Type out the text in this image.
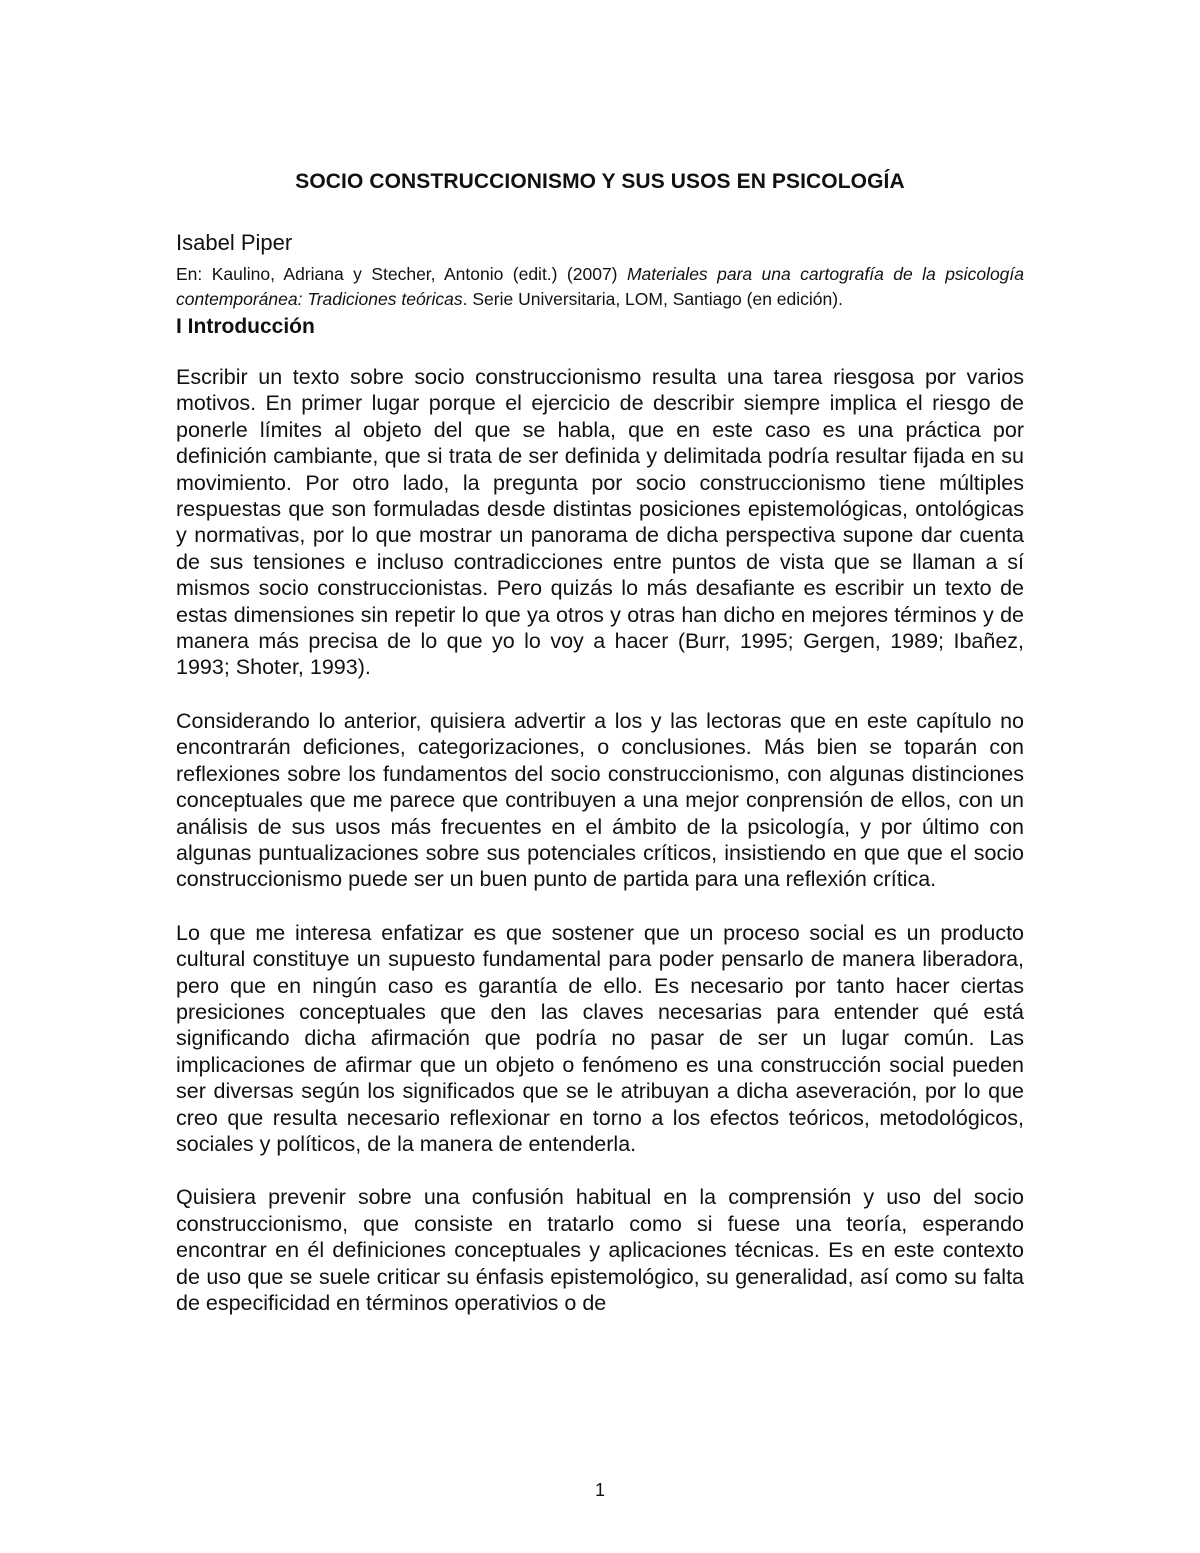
SOCIO CONSTRUCCIONISMO Y SUS USOS EN PSICOLOGÍA

Isabel Piper

En: Kaulino, Adriana y Stecher, Antonio (edit.) (2007) Materiales para una cartografía de la psicología contemporánea: Tradiciones teóricas. Serie Universitaria, LOM, Santiago (en edición).

I Introducción

Escribir un texto sobre socio construccionismo resulta una tarea riesgosa por varios motivos. En primer lugar porque el ejercicio de describir siempre implica el riesgo de ponerle límites al objeto del que se habla, que en este caso es una práctica por definición cambiante, que si trata de ser definida y delimitada podría resultar fijada en su movimiento. Por otro lado, la pregunta por socio construccionismo tiene múltiples respuestas que son formuladas desde distintas posiciones epistemológicas, ontológicas y normativas, por lo que mostrar un panorama de dicha perspectiva supone dar cuenta de sus tensiones e incluso contradicciones entre puntos de vista que se llaman a sí mismos socio construccionistas. Pero quizás lo más desafiante es escribir un texto de estas dimensiones sin repetir lo que ya otros y otras han dicho en mejores términos y de manera más precisa de lo que yo lo voy a hacer (Burr, 1995; Gergen, 1989; Ibañez, 1993; Shoter, 1993).

Considerando lo anterior, quisiera advertir a los y las lectoras que en este capítulo no encontrarán deficiones, categorizaciones, o conclusiones. Más bien se toparán con reflexiones sobre los fundamentos del socio construccionismo, con algunas distinciones conceptuales que me parece que contribuyen a una mejor conprensión de ellos, con un análisis de sus usos más frecuentes en el ámbito de la psicología, y por último con algunas puntualizaciones sobre sus potenciales críticos, insistiendo en que que el socio construccionismo puede ser un buen punto de partida para una reflexión crítica.

Lo que me interesa enfatizar es que sostener que un proceso social es un producto cultural constituye un supuesto fundamental para poder pensarlo de manera liberadora, pero que en ningún caso es garantía de ello. Es necesario por tanto hacer ciertas presiciones conceptuales que den las claves necesarias para entender qué está significando dicha afirmación que podría no pasar de ser un lugar común. Las implicaciones de afirmar que un objeto o fenómeno es una construcción social pueden ser diversas según los significados que se le atribuyan a dicha aseveración, por lo que creo que resulta necesario reflexionar en torno a los efectos teóricos, metodológicos, sociales y políticos, de la manera de entenderla.

Quisiera prevenir sobre una confusión habitual en la comprensión y uso del socio construccionismo, que consiste en tratarlo como si fuese una teoría, esperando encontrar en él definiciones conceptuales y aplicaciones técnicas. Es en este contexto de uso que se suele criticar su énfasis epistemológico, su generalidad, así como su falta de especificidad en términos operativios o de

1
